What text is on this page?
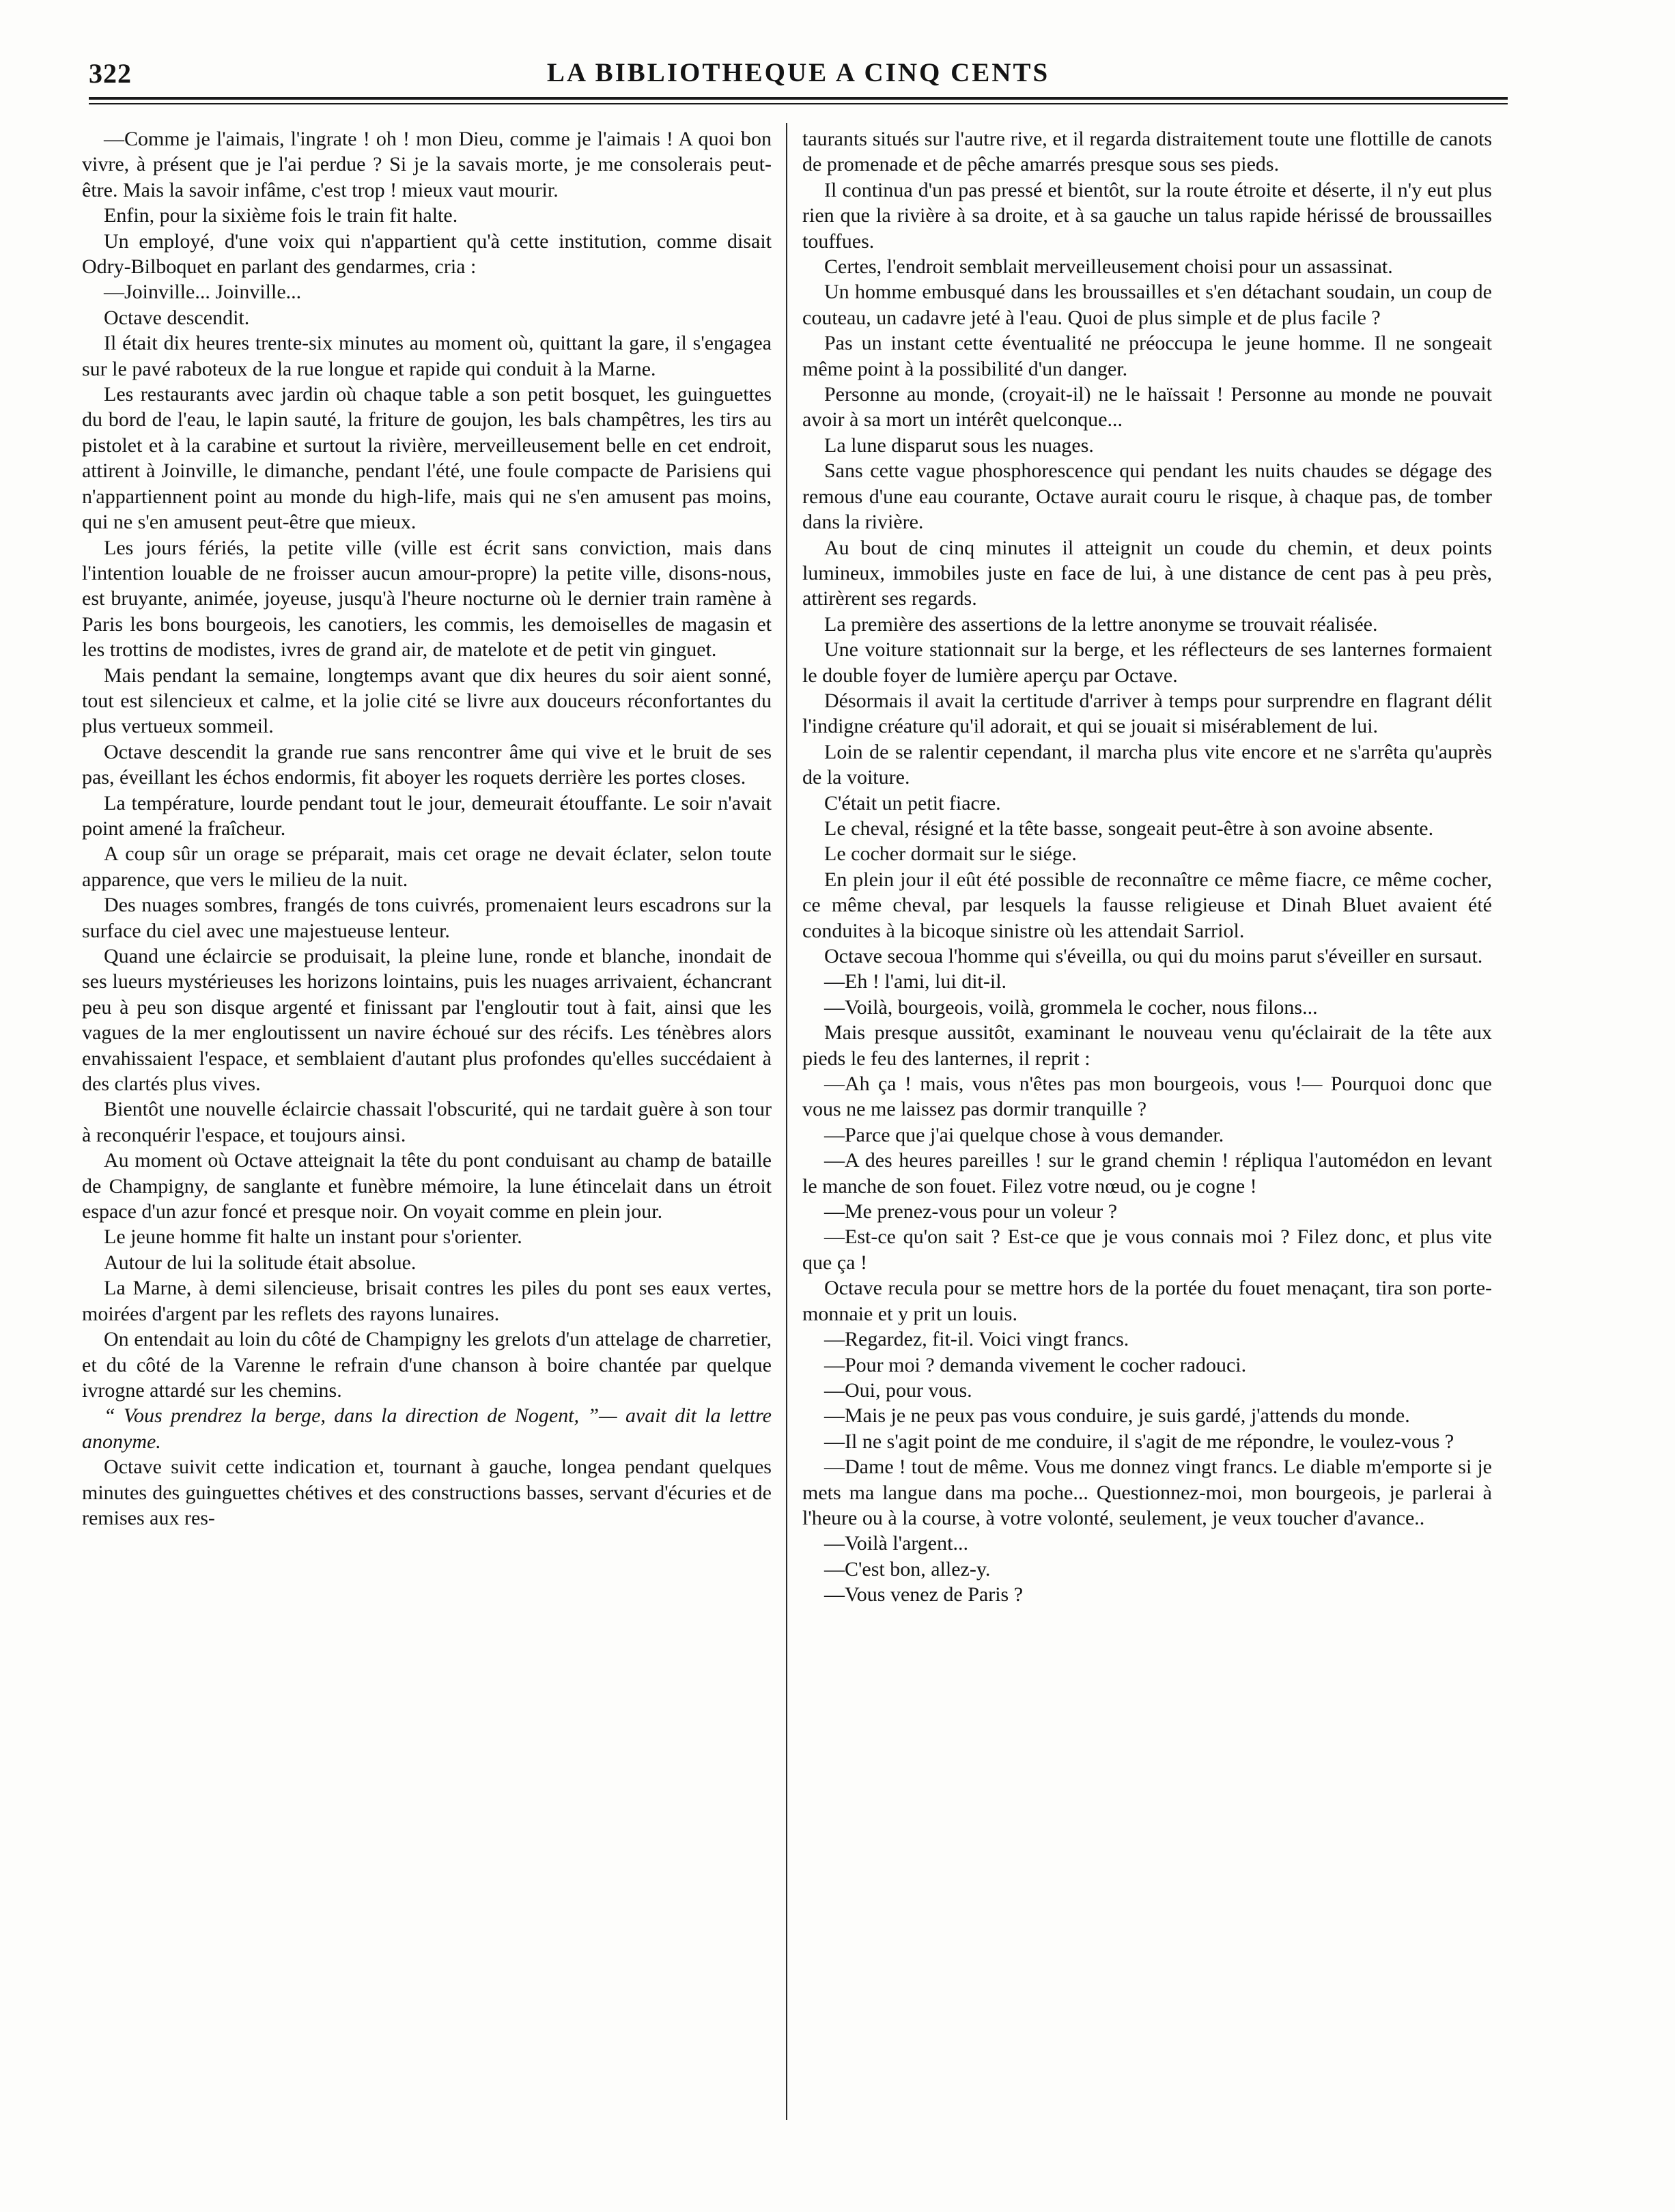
322	LA BIBLIOTHEQUE A CINQ CENTS

—Comme je l'aimais, l'ingrate ! oh ! mon Dieu, comme je l'aimais ! A quoi bon vivre, à présent que je l'ai perdue ? Si je la savais morte, je me consolerais peut-être. Mais la savoir infâme, c'est trop ! mieux vaut mourir.

Enfin, pour la sixième fois le train fit halte.

Un employé, d'une voix qui n'appartient qu'à cette institution, comme disait Odry-Bilboquet en parlant des gendarmes, cria :

—Joinville... Joinville...

Octave descendit.

Il était dix heures trente-six minutes au moment où, quittant la gare, il s'engagea sur le pavé raboteux de la rue longue et rapide qui conduit à la Marne.

Les restaurants avec jardin où chaque table a son petit bosquet, les guinguettes du bord de l'eau, le lapin sauté, la friture de goujon, les bals champêtres, les tirs au pistolet et à la carabine et surtout la rivière, merveilleusement belle en cet endroit, attirent à Joinville, le dimanche, pendant l'été, une foule compacte de Parisiens qui n'appartiennent point au monde du high-life, mais qui ne s'en amusent pas moins, qui ne s'en amusent peut-être que mieux.

Les jours fériés, la petite ville (ville est écrit sans conviction, mais dans l'intention louable de ne froisser aucun amour-propre) la petite ville, disons-nous, est bruyante, animée, joyeuse, jusqu'à l'heure nocturne où le dernier train ramène à Paris les bons bourgeois, les canotiers, les commis, les demoiselles de magasin et les trottins de modistes, ivres de grand air, de matelote et de petit vin ginguet.

Mais pendant la semaine, longtemps avant que dix heures du soir aient sonné, tout est silencieux et calme, et la jolie cité se livre aux douceurs réconfortantes du plus vertueux sommeil.

Octave descendit la grande rue sans rencontrer âme qui vive et le bruit de ses pas, éveillant les échos endormis, fit aboyer les roquets derrière les portes closes.

La température, lourde pendant tout le jour, demeurait étouffante. Le soir n'avait point amené la fraîcheur.

A coup sûr un orage se préparait, mais cet orage ne devait éclater, selon toute apparence, que vers le milieu de la nuit.

Des nuages sombres, frangés de tons cuivrés, promenaient leurs escadrons sur la surface du ciel avec une majestueuse lenteur.

Quand une éclaircie se produisait, la pleine lune, ronde et blanche, inondait de ses lueurs mystérieuses les horizons lointains, puis les nuages arrivaient, échancrant peu à peu son disque argenté et finissant par l'engloutir tout à fait, ainsi que les vagues de la mer engloutissent un navire échoué sur des récifs. Les ténèbres alors envahissaient l'espace, et semblaient d'autant plus profondes qu'elles succédaient à des clartés plus vives.

Bientôt une nouvelle éclaircie chassait l'obscurité, qui ne tardait guère à son tour à reconquérir l'espace, et toujours ainsi.

Au moment où Octave atteignait la tête du pont conduisant au champ de bataille de Champigny, de sanglante et funèbre mémoire, la lune étincelait dans un étroit espace d'un azur foncé et presque noir. On voyait comme en plein jour.

Le jeune homme fit halte un instant pour s'orienter.

Autour de lui la solitude était absolue.

La Marne, à demi silencieuse, brisait contres les piles du pont ses eaux vertes, moirées d'argent par les reflets des rayons lunaires.

On entendait au loin du côté de Champigny les grelots d'un attelage de charretier, et du côté de la Varenne le refrain d'une chanson à boire chantée par quelque ivrogne attardé sur les chemins.

“ Vous prendrez la berge, dans la direction de Nogent, ”— avait dit la lettre anonyme.

Octave suivit cette indication et, tournant à gauche, longea pendant quelques minutes des guinguettes chétives et des constructions basses, servant d'écuries et de remises aux res-

taurants situés sur l'autre rive, et il regarda distraitement toute une flottille de canots de promenade et de pêche amarrés presque sous ses pieds.

Il continua d'un pas pressé et bientôt, sur la route étroite et déserte, il n'y eut plus rien que la rivière à sa droite, et à sa gauche un talus rapide hérissé de broussailles touffues.

Certes, l'endroit semblait merveilleusement choisi pour un assassinat.

Un homme embusqué dans les broussailles et s'en détachant soudain, un coup de couteau, un cadavre jeté à l'eau. Quoi de plus simple et de plus facile ?

Pas un instant cette éventualité ne préoccupa le jeune homme. Il ne songeait même point à la possibilité d'un danger.

Personne au monde, (croyait-il) ne le haïssait ! Personne au monde ne pouvait avoir à sa mort un intérêt quelconque...

La lune disparut sous les nuages.

Sans cette vague phosphorescence qui pendant les nuits chaudes se dégage des remous d'une eau courante, Octave aurait couru le risque, à chaque pas, de tomber dans la rivière.

Au bout de cinq minutes il atteignit un coude du chemin, et deux points lumineux, immobiles juste en face de lui, à une distance de cent pas à peu près, attirèrent ses regards.

La première des assertions de la lettre anonyme se trouvait réalisée.

Une voiture stationnait sur la berge, et les réflecteurs de ses lanternes formaient le double foyer de lumière aperçu par Octave.

Désormais il avait la certitude d'arriver à temps pour surprendre en flagrant délit l'indigne créature qu'il adorait, et qui se jouait si misérablement de lui.

Loin de se ralentir cependant, il marcha plus vite encore et ne s'arrêta qu'auprès de la voiture.

C'était un petit fiacre.

Le cheval, résigné et la tête basse, songeait peut-être à son avoine absente.

Le cocher dormait sur le siége.

En plein jour il eût été possible de reconnaître ce même fiacre, ce même cocher, ce même cheval, par lesquels la fausse religieuse et Dinah Bluet avaient été conduites à la bicoque sinistre où les attendait Sarriol.

Octave secoua l'homme qui s'éveilla, ou qui du moins parut s'éveiller en sursaut.

—Eh ! l'ami, lui dit-il.

—Voilà, bourgeois, voilà, grommela le cocher, nous filons...

Mais presque aussitôt, examinant le nouveau venu qu'éclairait de la tête aux pieds le feu des lanternes, il reprit :

—Ah ça ! mais, vous n'êtes pas mon bourgeois, vous !— Pourquoi donc que vous ne me laissez pas dormir tranquille ?

—Parce que j'ai quelque chose à vous demander.

—A des heures pareilles ! sur le grand chemin ! répliqua l'automédon en levant le manche de son fouet. Filez votre nœud, ou je cogne !

—Me prenez-vous pour un voleur ?

—Est-ce qu'on sait ? Est-ce que je vous connais moi ? Filez donc, et plus vite que ça !

Octave recula pour se mettre hors de la portée du fouet menaçant, tira son porte-monnaie et y prit un louis.

—Regardez, fit-il. Voici vingt francs.

—Pour moi ? demanda vivement le cocher radouci.

—Oui, pour vous.

—Mais je ne peux pas vous conduire, je suis gardé, j'attends du monde.

—Il ne s'agit point de me conduire, il s'agit de me répondre, le voulez-vous ?

—Dame ! tout de même. Vous me donnez vingt francs. Le diable m'emporte si je mets ma langue dans ma poche... Questionnez-moi, mon bourgeois, je parlerai à l'heure ou à la course, à votre volonté, seulement, je veux toucher d'avance..

—Voilà l'argent...

—C'est bon, allez-y.

—Vous venez de Paris ?
